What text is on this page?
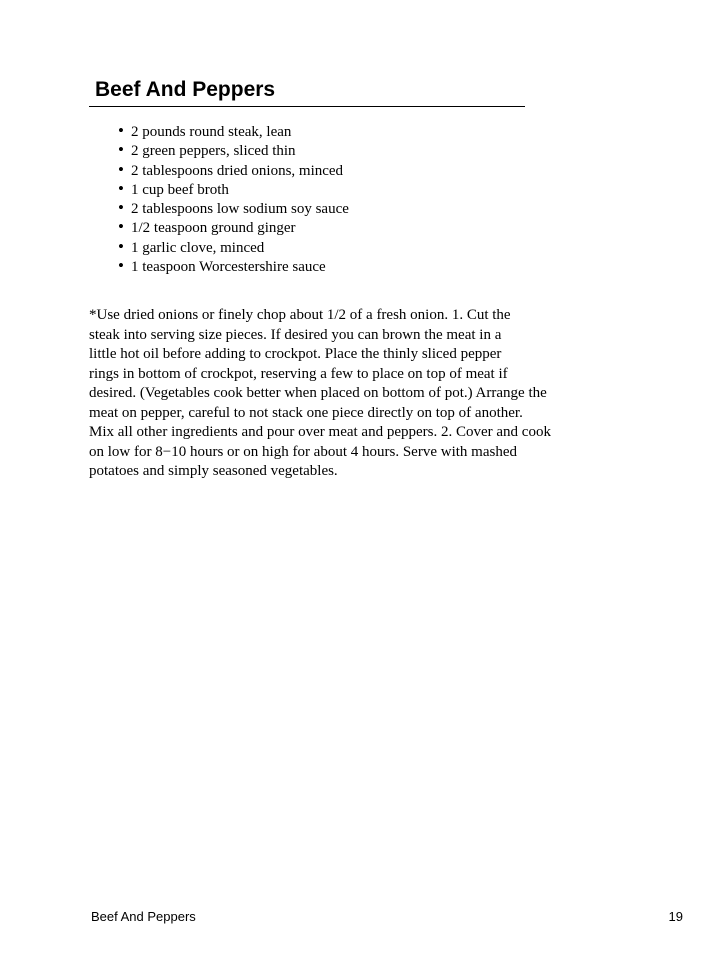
Beef And Peppers
• 2 pounds round steak, lean
• 2 green peppers, sliced thin
• 2 tablespoons dried onions, minced
• 1 cup beef broth
• 2 tablespoons low sodium soy sauce
• 1/2 teaspoon ground ginger
• 1 garlic clove, minced
• 1 teaspoon Worcestershire sauce

*Use dried onions or finely chop about 1/2 of a fresh onion. 1. Cut the
steak into serving size pieces. If desired you can brown the meat in a
little hot oil before adding to crockpot. Place the thinly sliced pepper
rings in bottom of crockpot, reserving a few to place on top of meat if
desired. (Vegetables cook better when placed on bottom of pot.) Arrange the
meat on pepper, careful to not stack one piece directly on top of another.
Mix all other ingredients and pour over meat and peppers. 2. Cover and cook
on low for 8−10 hours or on high for about 4 hours. Serve with mashed
potatoes and simply seasoned vegetables.

Beef And Peppers	19
